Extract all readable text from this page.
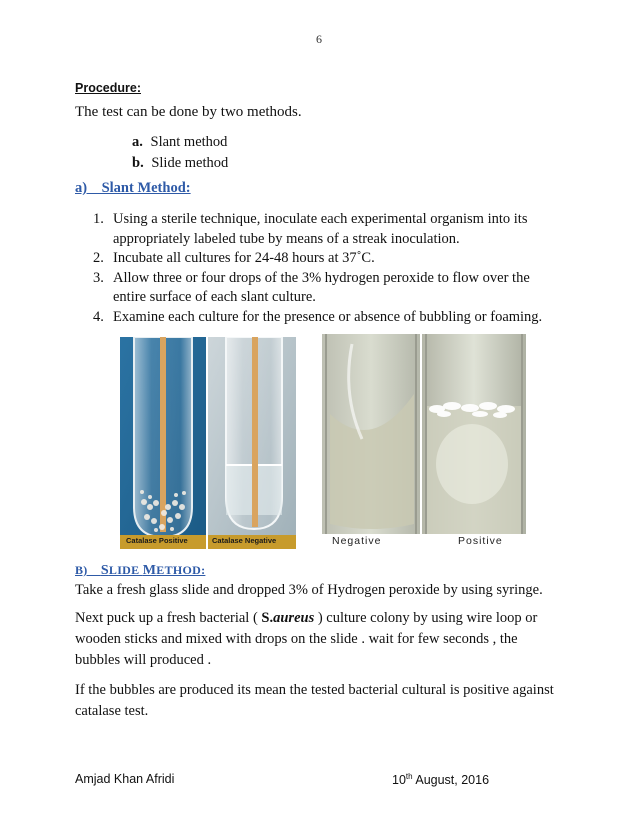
6
Procedure:
The test can be done by two methods.
a. Slant method
b. Slide method
a)    Slant Method:
1. Using a sterile technique, inoculate each experimental organism into its appropriately labeled tube by means of a streak inoculation.
2. Incubate all cultures for 24-48 hours at 37˚C.
3. Allow three or four drops of the 3% hydrogen peroxide to flow over the entire surface of each slant culture.
4. Examine each culture for the presence or absence of bubbling or foaming.
Catalase Positive	Catalase Negative	Negative	Positive
B)    SLIDE METHOD:
Take a fresh glass slide and dropped 3% of Hydrogen peroxide by using syringe.
Next puck up a fresh bacterial ( S.aureus ) culture colony by using wire loop or wooden sticks and mixed with drops on the slide . wait for few seconds , the bubbles will produced .
If the bubbles are produced its mean the tested bacterial cultural is positive against catalase test.
Amjad Khan Afridi	10th August, 2016
